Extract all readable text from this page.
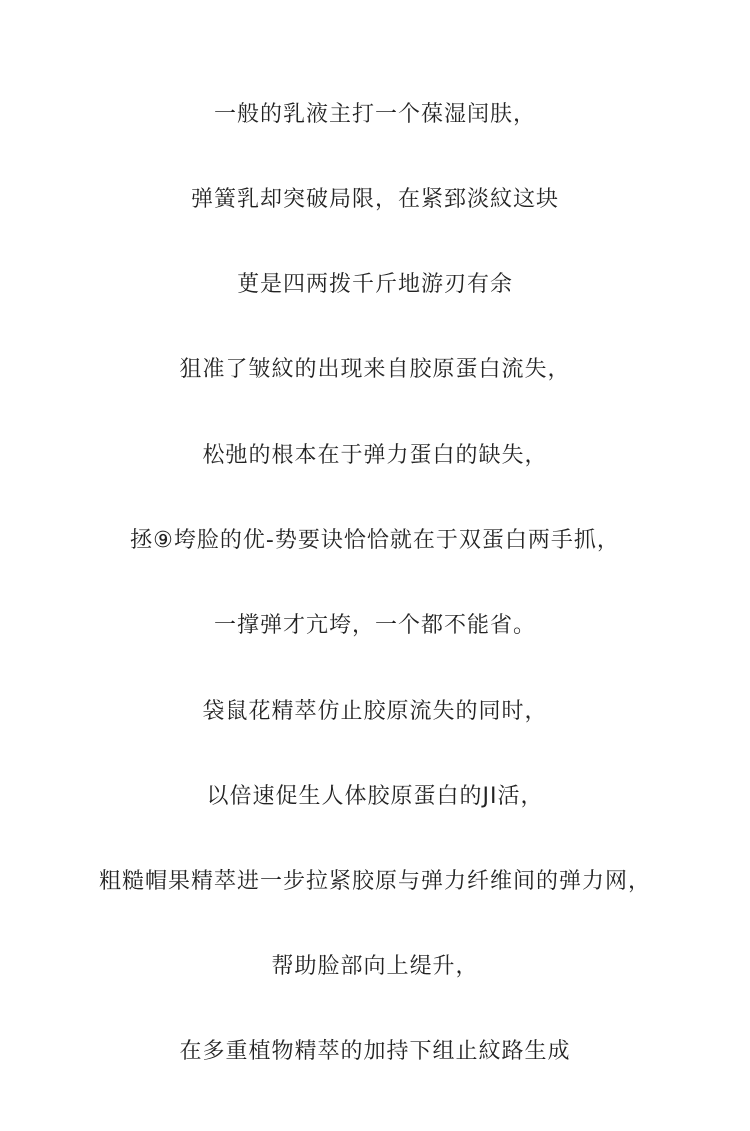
一般的乳液主打一个葆湿闰肤，
弹簧乳却突破局限，在紧郅淡紋这块
茰是四两拨千斤地游刃有余
狙准了皱紋的出现来自胶原蛋白流失，
松弛的根本在于弹力蛋白的缺失，
拯⑨垮脸的优-势要诀恰恰就在于双蛋白两手抓，
一撑弹才亢垮，一个都不能省。
袋鼠花精萃仿止胶原流失的同时，
以倍速促生人体胶原蛋白的JI活，
粗糙帽果精萃进一步拉紧胶原与弹力纤维间的弹力网，
帮助脸部向上缇升，
在多重植物精萃的加持下组止紋路生成
